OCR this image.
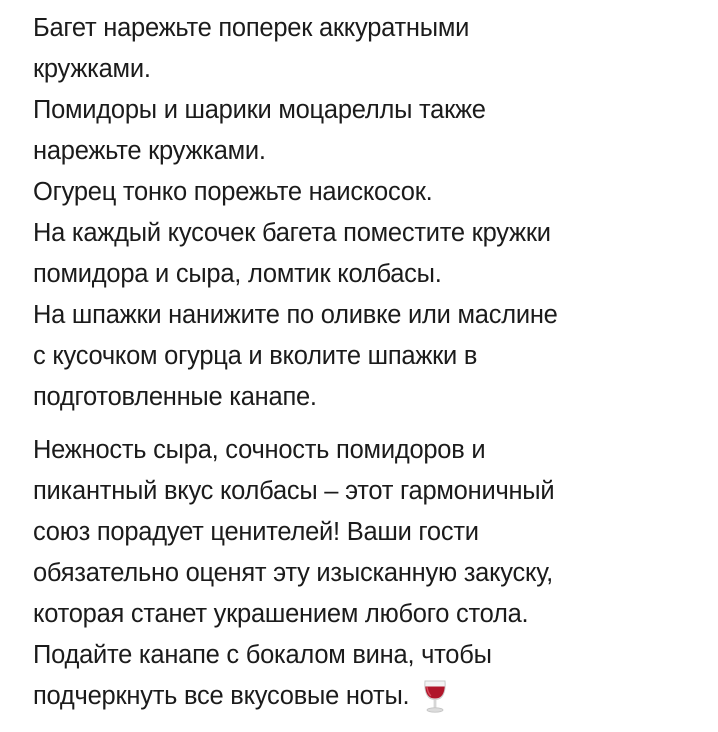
Багет нарежьте поперек аккуратными
кружками.
Помидоры и шарики моцареллы также
нарежьте кружками.
Огурец тонко порежьте наискосок.
На каждый кусочек багета поместите кружки
помидора и сыра, ломтик колбасы.
На шпажки нанижите по оливке или маслине
с кусочком огурца и вколите шпажки в
подготовленные канапе.

Нежность сыра, сочность помидоров и
пикантный вкус колбасы – этот гармоничный
союз порадует ценителей! Ваши гости
обязательно оценят эту изысканную закуску,
которая станет украшением любого стола.
Подайте канапе с бокалом вина, чтобы
подчеркнуть все вкусовые ноты.
